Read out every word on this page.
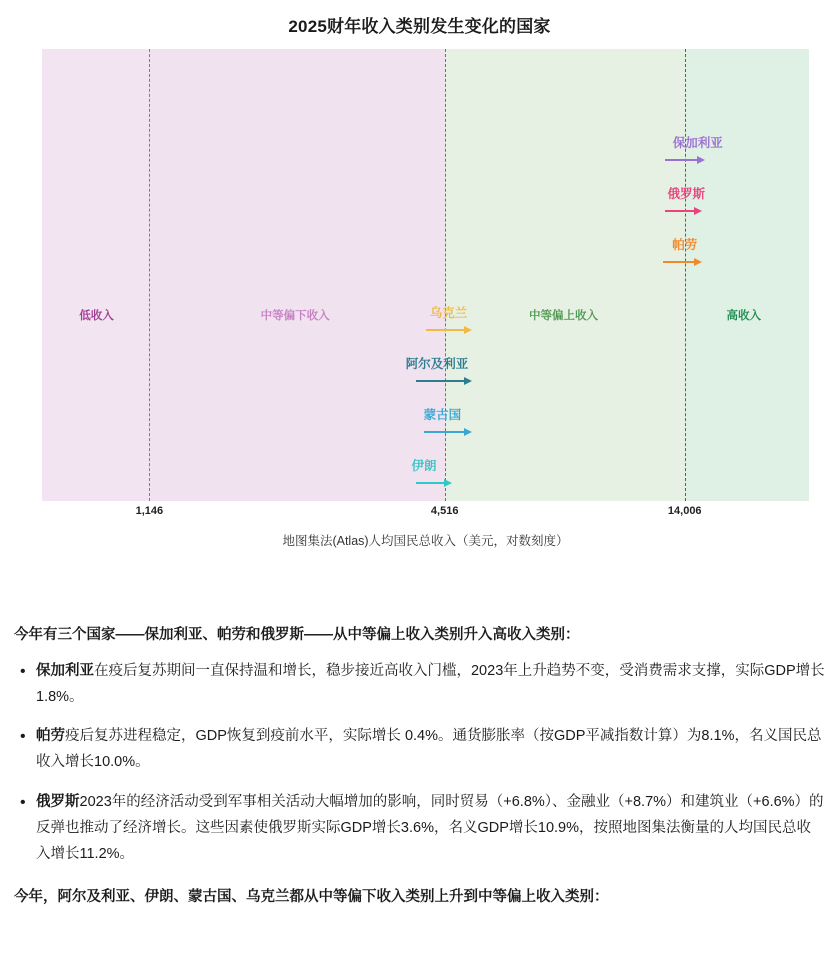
2025财年收入类别发生变化的国家
低收入	中等偏下收入	中等偏上收入	高收入
保加利亚
俄罗斯
帕劳
乌克兰
阿尔及利亚
蒙古国
伊朗
1,146	4,516	14,006
地图集法(Atlas)人均国民总收入（美元，对数刻度）

今年有三个国家——保加利亚、帕劳和俄罗斯——从中等偏上收入类别升入高收入类别：

• 保加利亚在疫后复苏期间一直保持温和增长，稳步接近高收入门槛，2023年上升趋势不变，受消费需求支撑，实际GDP增长1.8%。
• 帕劳疫后复苏进程稳定，GDP恢复到疫前水平，实际增长 0.4%。通货膨胀率（按GDP平减指数计算）为8.1%，名义国民总收入增长10.0%。
• 俄罗斯2023年的经济活动受到军事相关活动大幅增加的影响，同时贸易（+6.8%）、金融业（+8.7%）和建筑业（+6.6%）的反弹也推动了经济增长。这些因素使俄罗斯实际GDP增长3.6%，名义GDP增长10.9%，按照地图集法衡量的人均国民总收入增长11.2%。

今年，阿尔及利亚、伊朗、蒙古国、乌克兰都从中等偏下收入类别上升到中等偏上收入类别：
